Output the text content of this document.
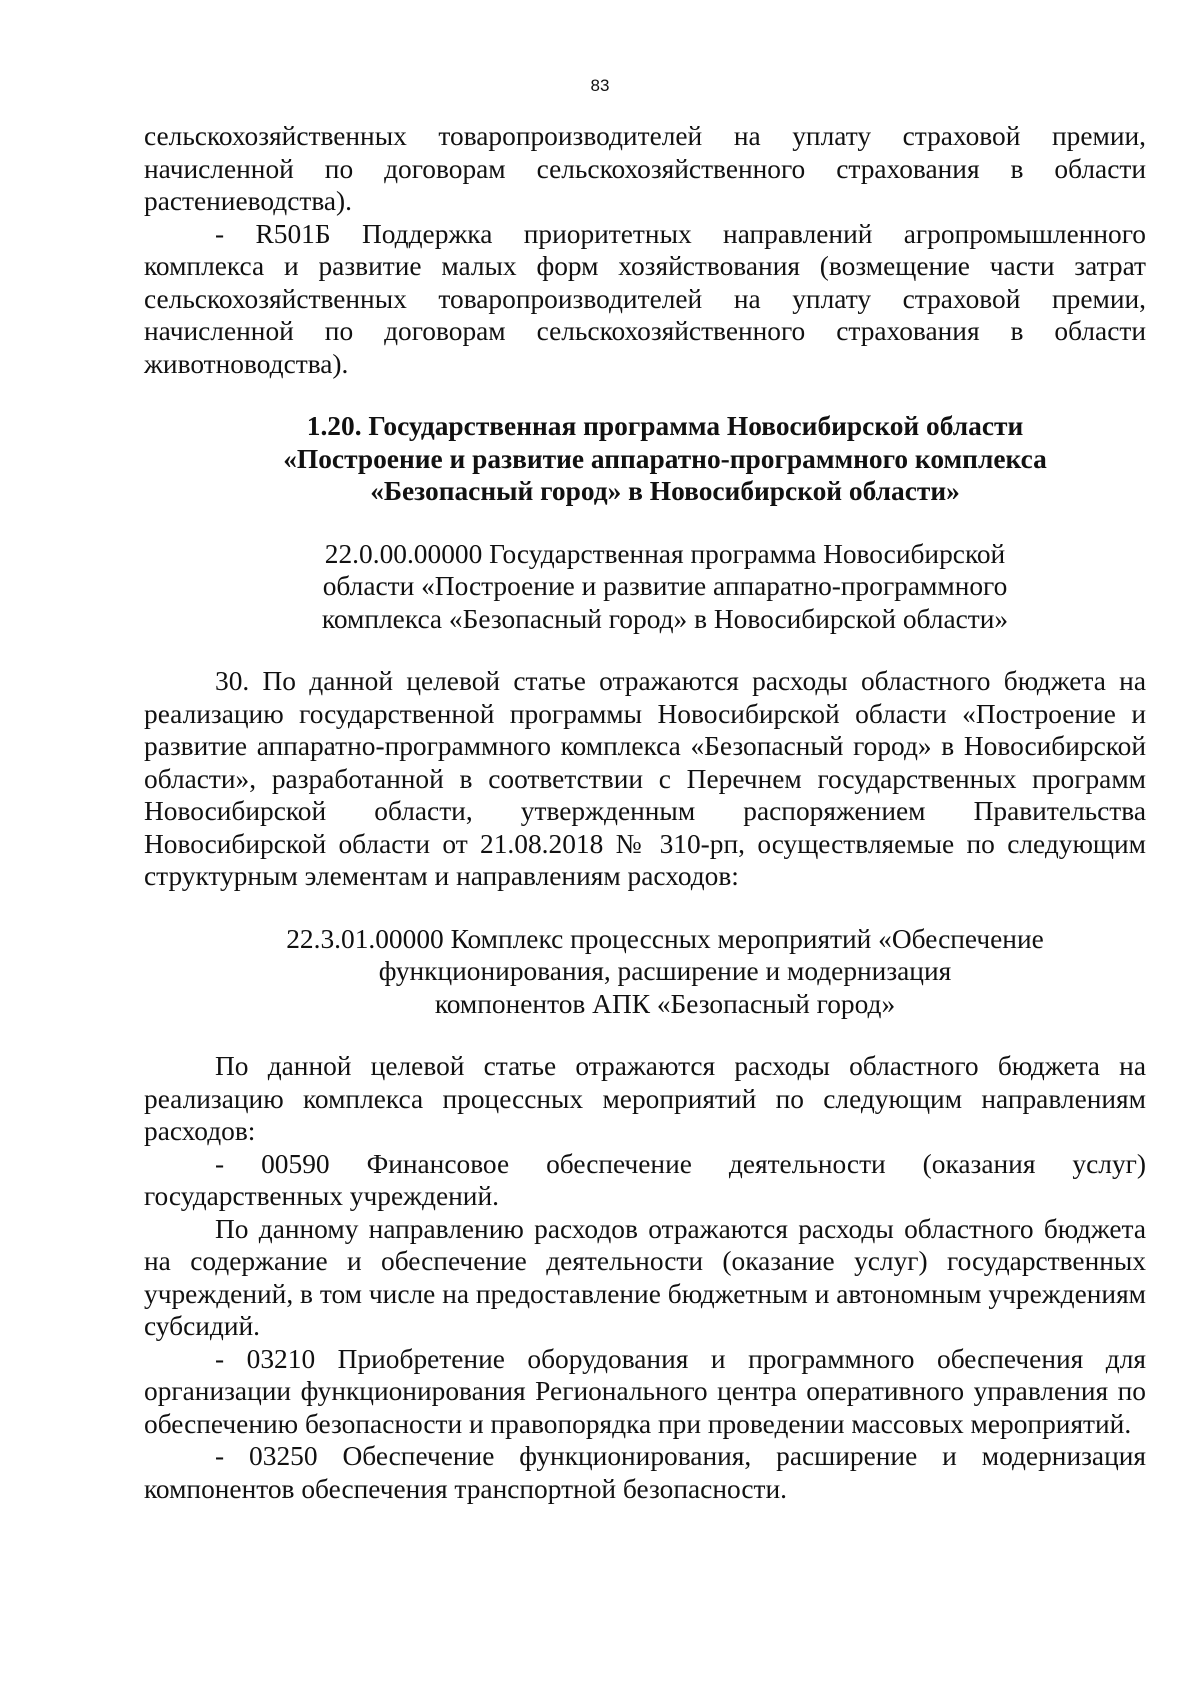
83

сельскохозяйственных товаропроизводителей на уплату страховой премии, начисленной по договорам сельскохозяйственного страхования в области растениеводства).

- R501Б Поддержка приоритетных направлений агропромышленного комплекса и развитие малых форм хозяйствования (возмещение части затрат сельскохозяйственных товаропроизводителей на уплату страховой премии, начисленной по договорам сельскохозяйственного страхования в области животноводства).

1.20. Государственная программа Новосибирской области
«Построение и развитие аппаратно-программного комплекса
«Безопасный город» в Новосибирской области»
22.0.00.00000 Государственная программа Новосибирской
области «Построение и развитие аппаратно-программного
комплекса «Безопасный город» в Новосибирской области»

30. По данной целевой статье отражаются расходы областного бюджета на реализацию государственной программы Новосибирской области «Построение и развитие аппаратно-программного комплекса «Безопасный город» в Новосибирской области», разработанной в соответствии с Перечнем государственных программ Новосибирской области, утвержденным распоряжением Правительства Новосибирской области от 21.08.2018 № 310-рп, осуществляемые по следующим структурным элементам и направлениям расходов:

22.3.01.00000 Комплекс процессных мероприятий «Обеспечение
функционирования, расширение и модернизация
компонентов АПК «Безопасный город»

По данной целевой статье отражаются расходы областного бюджета на реализацию комплекса процессных мероприятий по следующим направлениям расходов:

- 00590 Финансовое обеспечение деятельности (оказания услуг) государственных учреждений.

По данному направлению расходов отражаются расходы областного бюджета на содержание и обеспечение деятельности (оказание услуг) государственных учреждений, в том числе на предоставление бюджетным и автономным учреждениям субсидий.

- 03210 Приобретение оборудования и программного обеспечения для организации функционирования Регионального центра оперативного управления по обеспечению безопасности и правопорядка при проведении массовых мероприятий.

- 03250 Обеспечение функционирования, расширение и модернизация компонентов обеспечения транспортной безопасности.
